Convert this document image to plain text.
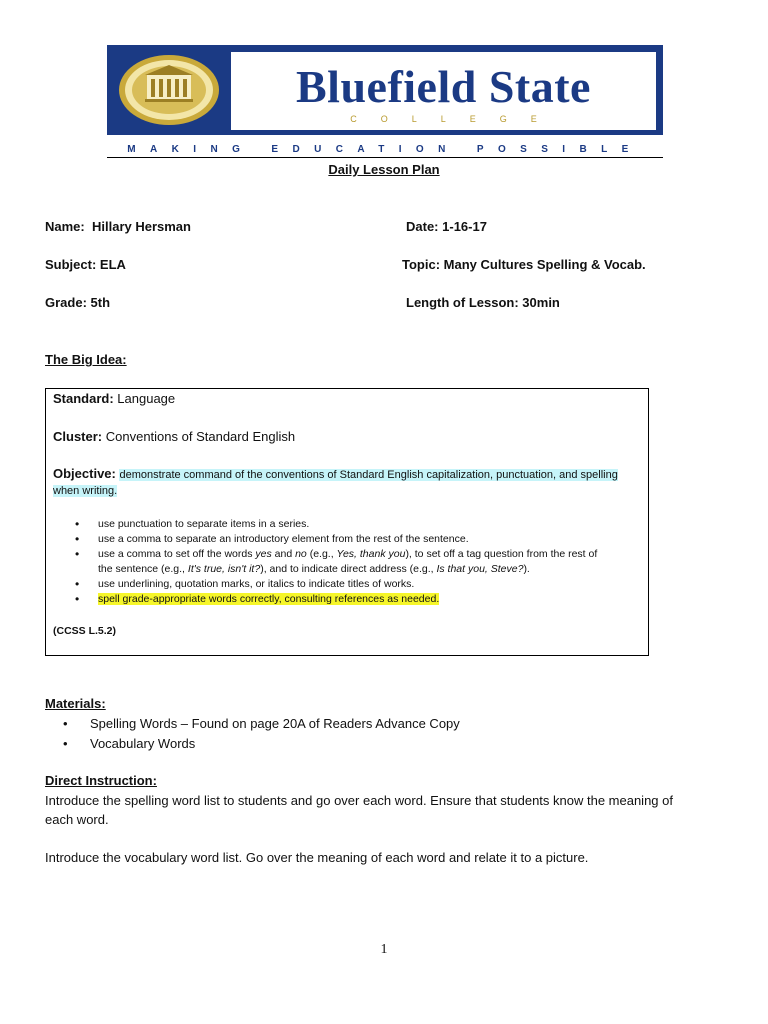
Bluefield State
COLLEGE
MAKING EDUCATION POSSIBLE
Daily Lesson Plan
Name: Hillary Hersman	Date: 1-16-17
Subject: ELA	Topic: Many Cultures Spelling & Vocab.
Grade: 5th	Length of Lesson: 30min
The Big Idea:
Standard: Language
Cluster: Conventions of Standard English
Objective: demonstrate command of the conventions of Standard English capitalization, punctuation, and spelling
when writing.
• use punctuation to separate items in a series.
• use a comma to separate an introductory element from the rest of the sentence.
• use a comma to set off the words yes and no (e.g., Yes, thank you), to set off a tag question from the rest of
the sentence (e.g., It's true, isn't it?), and to indicate direct address (e.g., Is that you, Steve?).
• use underlining, quotation marks, or italics to indicate titles of works.
• spell grade-appropriate words correctly, consulting references as needed.
(CCSS L.5.2)
Materials:
• Spelling Words – Found on page 20A of Readers Advance Copy
• Vocabulary Words
Direct Instruction:
Introduce the spelling word list to students and go over each word. Ensure that students know the meaning of
each word.
Introduce the vocabulary word list. Go over the meaning of each word and relate it to a picture.
1
